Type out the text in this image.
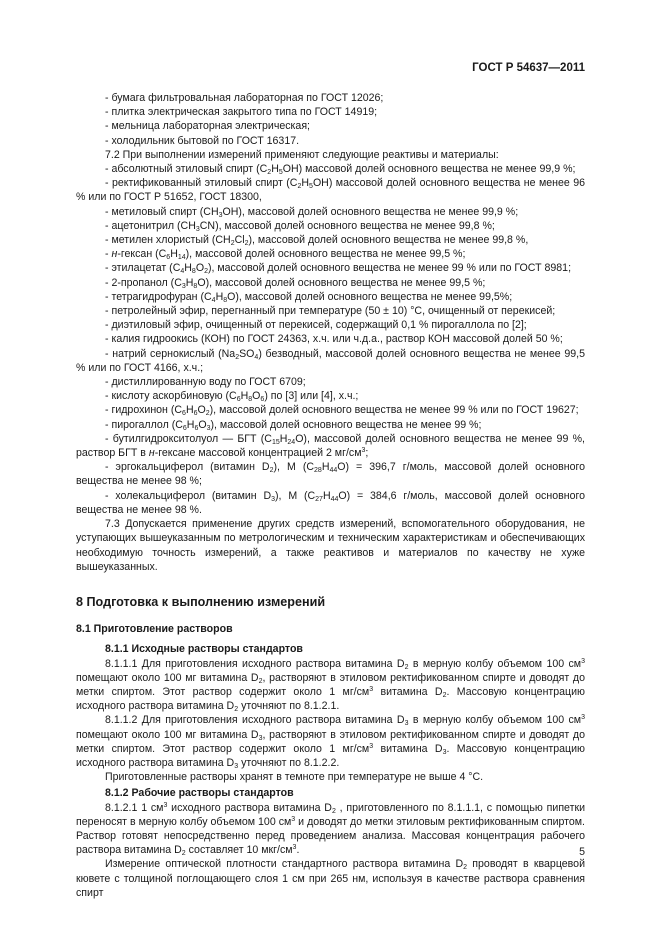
ГОСТ Р 54637—2011

- бумага фильтровальная лабораторная по ГОСТ 12026;

- плитка электрическая закрытого типа по ГОСТ 14919;

- мельница лабораторная электрическая;

- холодильник бытовой по ГОСТ 16317.

7.2 При выполнении измерений применяют следующие реактивы и материалы:

- абсолютный этиловый спирт $(C_2H_5OH)$ массовой долей основного вещества не менее 99,9 %;

- ректификованный этиловый спирт $(C_2H_5OH)$ массовой долей основного вещества не менее 96 % или по ГОСТ Р 51652, ГОСТ 18300,

- метиловый спирт $(CH_3OH)$, массовой долей основного вещества не менее 99,9 %;

- ацетонитрил $(CH_3CN)$, массовой долей основного вещества не менее 99,8 %;

- метилен хлористый $(CH_2Cl_2)$, массовой долей основного вещества не менее 99,8 %,

- н-гексан $(C_6H_{14})$, массовой долей основного вещества не менее 99,5 %;

- этилацетат $(C_4H_8O_2)$, массовой долей основного вещества не менее 99 % или по ГОСТ 8981;

- 2-пропанол $(C_3H_8O)$, массовой долей основного вещества не менее 99,5 %;

- тетрагидрофуран $(C_4H_8O)$, массовой долей основного вещества не менее 99,5%;

- петролейный эфир, перегнанный при температуре (50 ± 10) °С, очищенный от перекисей;

- диэтиловый эфир, очищенный от перекисей, содержащий 0,1 % пирогаллола по [2];

- калия гидроокись (КОН) по ГОСТ 24363, х.ч. или ч.д.а., раствор КОН массовой долей 50 %;

- натрий сернокислый $(Na_2SO_4)$ безводный, массовой долей основного вещества не менее 99,5 % или по ГОСТ 4166, х.ч.;

- дистиллированную воду по ГОСТ 6709;

- кислоту аскорбиновую $(C_6H_8O_6)$ по [3] или [4], х.ч.;

- гидрохинон $(C_6H_6O_2)$, массовой долей основного вещества не менее 99 % или по ГОСТ 19627;

- пирогаллол $(C_6H_6O_3)$, массовой долей основного вещества не менее 99 %;

- бутилгидрокситолуол — БГТ $(C_{15}H_{24}O)$, массовой долей основного вещества не менее 99 %, раствор БГТ в н-гексане массовой концентрацией 2 $мг/см^3$;

- эргокальциферол (витамин $D_2$), М $(C_{28}H_{44}O) = 396,7$ г/моль, массовой долей основного вещества не менее 98 %;

- холекальциферол (витамин $D_3$), М $(C_{27}H_{44}O) = 384,6$ г/моль, массовой долей основного вещества не менее 98 %.

7.3 Допускается применение других средств измерений, вспомогательного оборудования, не уступающих вышеуказанным по метрологическим и техническим характеристикам и обеспечивающих необходимую точность измерений, а также реактивов и материалов по качеству не хуже вышеуказанных.

8 Подготовка к выполнению измерений

8.1 Приготовление растворов

8.1.1 Исходные растворы стандартов

8.1.1.1 Для приготовления исходного раствора витамина $D_2$ в мерную колбу объемом 100 $см^3$ помещают около 100 мг витамина $D_2$, растворяют в этиловом ректификованном спирте и доводят до метки спиртом. Этот раствор содержит около 1 $мг/см^3$ витамина $D_2$. Массовую концентрацию исходного раствора витамина $D_2$ уточняют по 8.1.2.1.

8.1.1.2 Для приготовления исходного раствора витамина $D_3$ в мерную колбу объемом 100 $см^3$ помещают около 100 мг витамина $D_3$, растворяют в этиловом ректификованном спирте и доводят до метки спиртом. Этот раствор содержит около 1 $мг/см^3$ витамина $D_3$. Массовую концентрацию исходного раствора витамина $D_3$ уточняют по 8.1.2.2.

Приготовленные растворы хранят в темноте при температуре не выше 4 °С.

8.1.2 Рабочие растворы стандартов

8.1.2.1 1 $см^3$ исходного раствора витамина $D_2$ , приготовленного по 8.1.1.1, с помощью пипетки переносят в мерную колбу объемом 100 $см^3$ и доводят до метки этиловым ректификованным спиртом. Раствор готовят непосредственно перед проведением анализа. Массовая концентрация рабочего раствора витамина $D_2$ составляет 10 мкг/$см^3$.

Измерение оптической плотности стандартного раствора витамина $D_2$ проводят в кварцевой кювете с толщиной поглощающего слоя 1 см при 265 нм, используя в качестве раствора сравнения спирт

5
